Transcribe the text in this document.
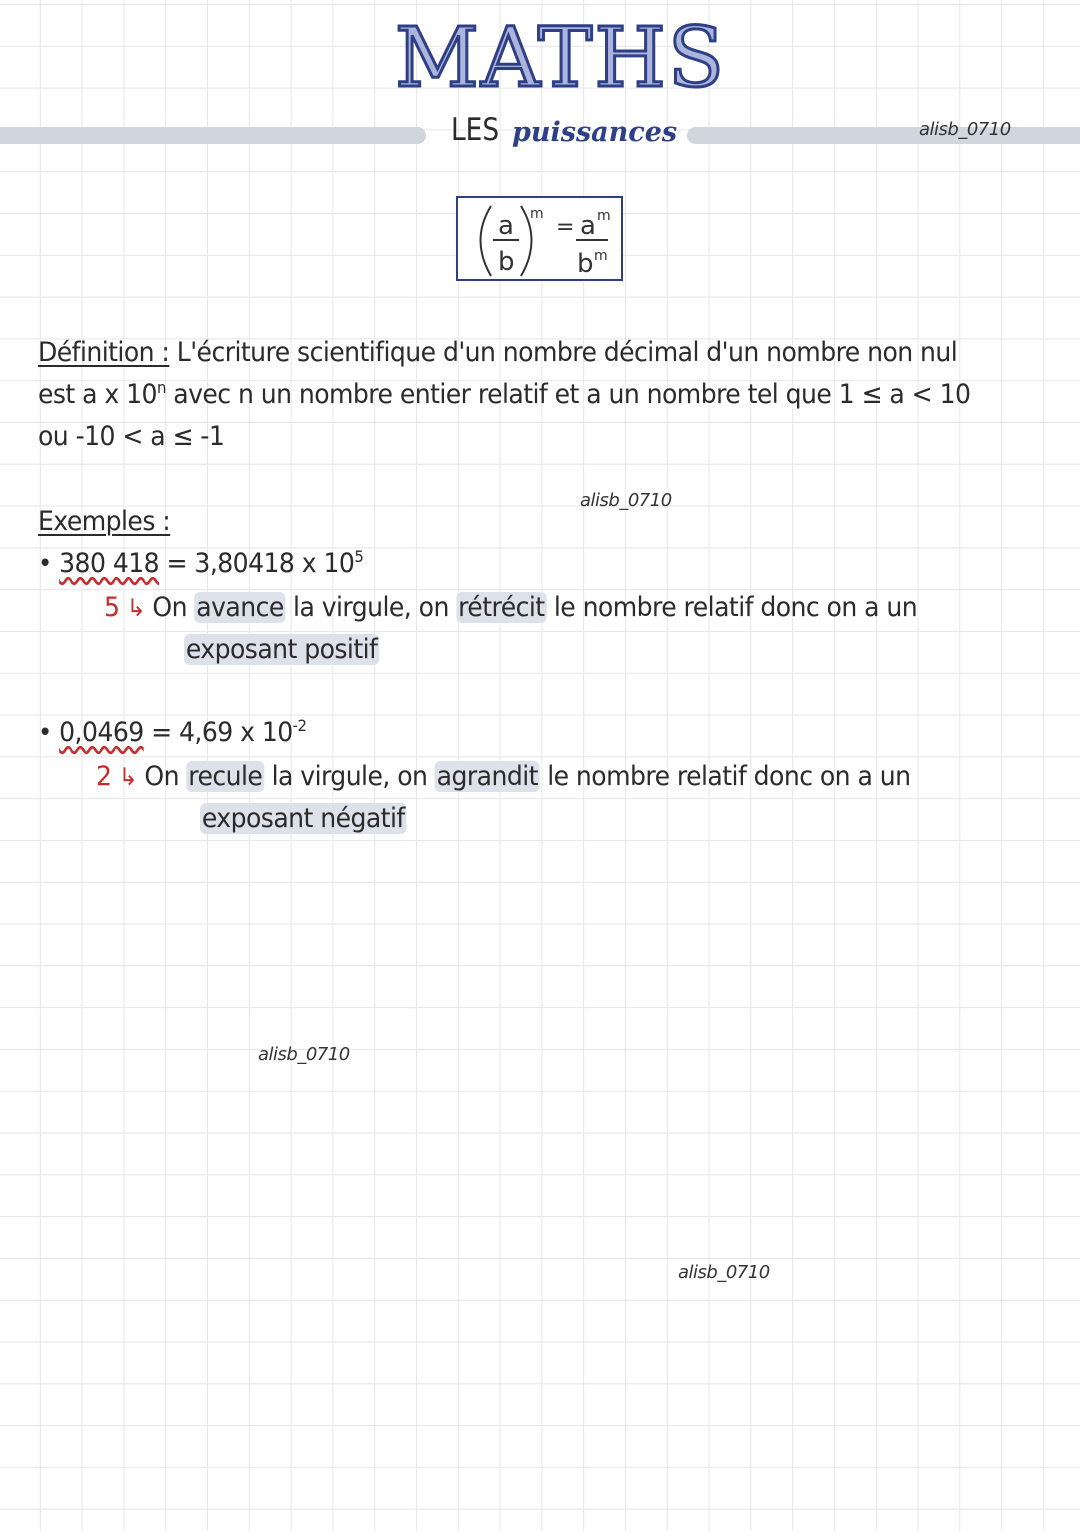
MATHS
LES puissances	alisb_0710
alisb_0710
alisb_0710
alisb_0710
a
b
m
= a m
b m
Définition : L'écriture scientifique d'un nombre décimal d'un nombre non nul
est a x 10$^n$ avec n un nombre entier relatif et a un nombre tel que 1 ≤ a < 10
ou -10 < a ≤ -1
Exemples :
• 380 418 = 3,80418 x $10^5$
5 ↳ On avance la virgule, on rétrécit le nombre relatif donc on a un
exposant positif
• 0,0469 = 4,69 x $10^{-2}$
2 ↳ On recule la virgule, on agrandit le nombre relatif donc on a un
exposant négatif
